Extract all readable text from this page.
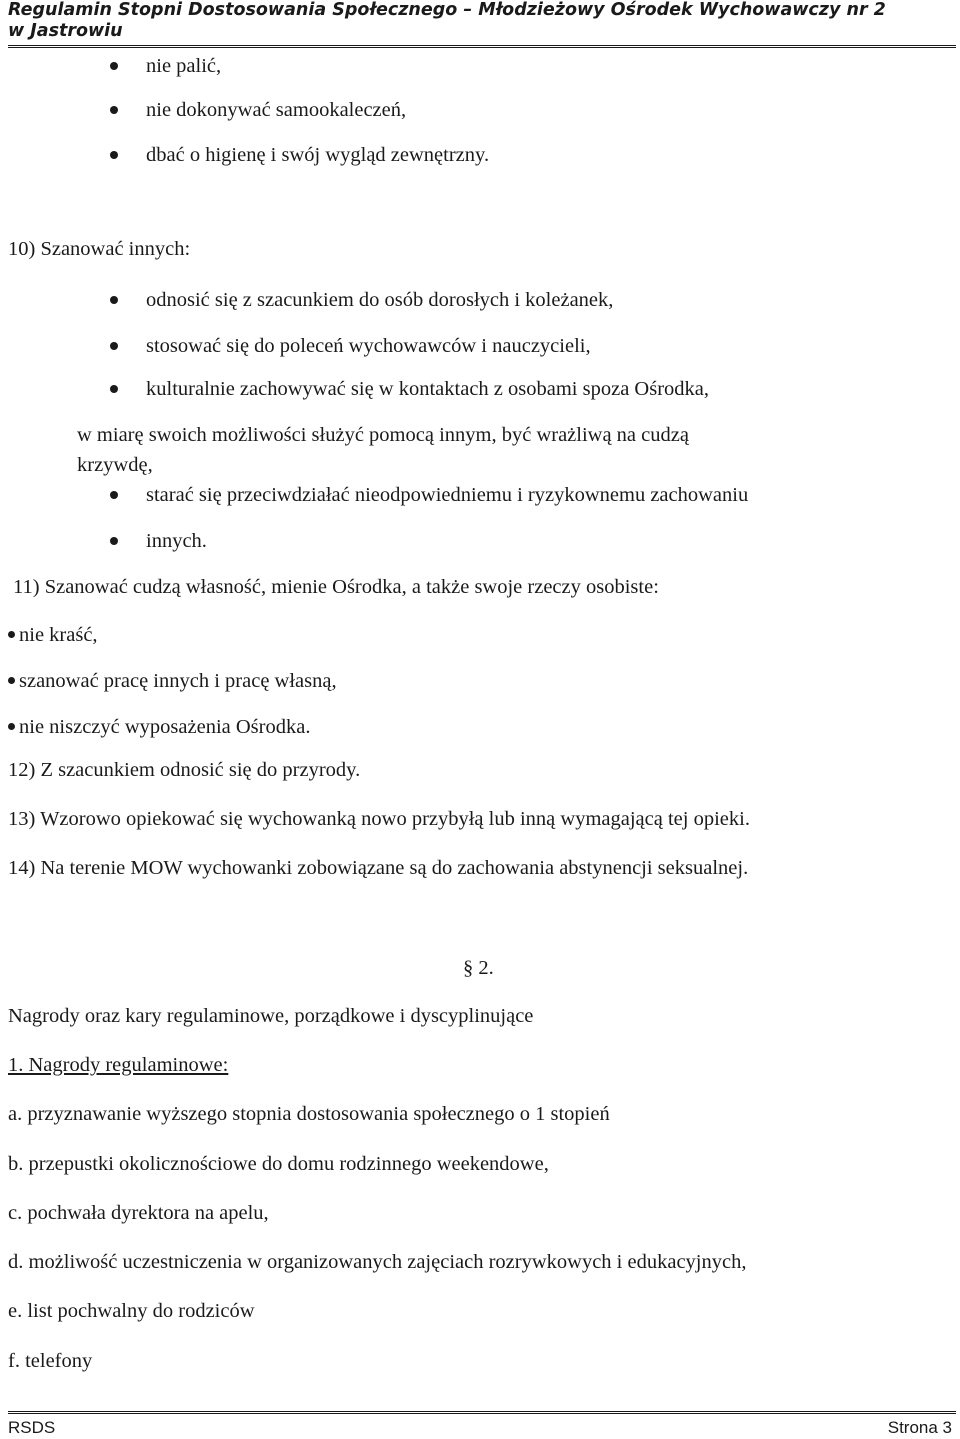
Regulamin Stopni Dostosowania Społecznego – Młodzieżowy Ośrodek Wychowawczy nr 2
w Jastrowiu
nie palić,
nie dokonywać samookaleczeń,
dbać o higienę i swój wygląd zewnętrzny.
10) Szanować innych:
odnosić się z szacunkiem do osób dorosłych i koleżanek,
stosować się do poleceń wychowawców i nauczycieli,
kulturalnie zachowywać się w kontaktach z osobami spoza Ośrodka,
w miarę swoich możliwości służyć pomocą innym, być wrażliwą na cudzą
krzywdę,
starać się przeciwdziałać nieodpowiedniemu i ryzykownemu zachowaniu
innych.
11) Szanować cudzą własność, mienie Ośrodka, a także swoje rzeczy osobiste:
nie kraść,
szanować pracę innych i pracę własną,
nie niszczyć wyposażenia Ośrodka.
12) Z szacunkiem odnosić się do przyrody.
13) Wzorowo opiekować się wychowanką nowo przybyłą lub inną wymagającą tej opieki.
14) Na terenie MOW wychowanki zobowiązane są do zachowania abstynencji seksualnej.
§ 2.
Nagrody oraz kary regulaminowe, porządkowe i dyscyplinujące
1. Nagrody regulaminowe:
a. przyznawanie wyższego stopnia dostosowania społecznego o 1 stopień
b. przepustki okolicznościowe do domu rodzinnego weekendowe,
c. pochwała dyrektora na apelu,
d. możliwość uczestniczenia w organizowanych zajęciach rozrywkowych i edukacyjnych,
e. list pochwalny do rodziców
f. telefony
RSDS	Strona 3
